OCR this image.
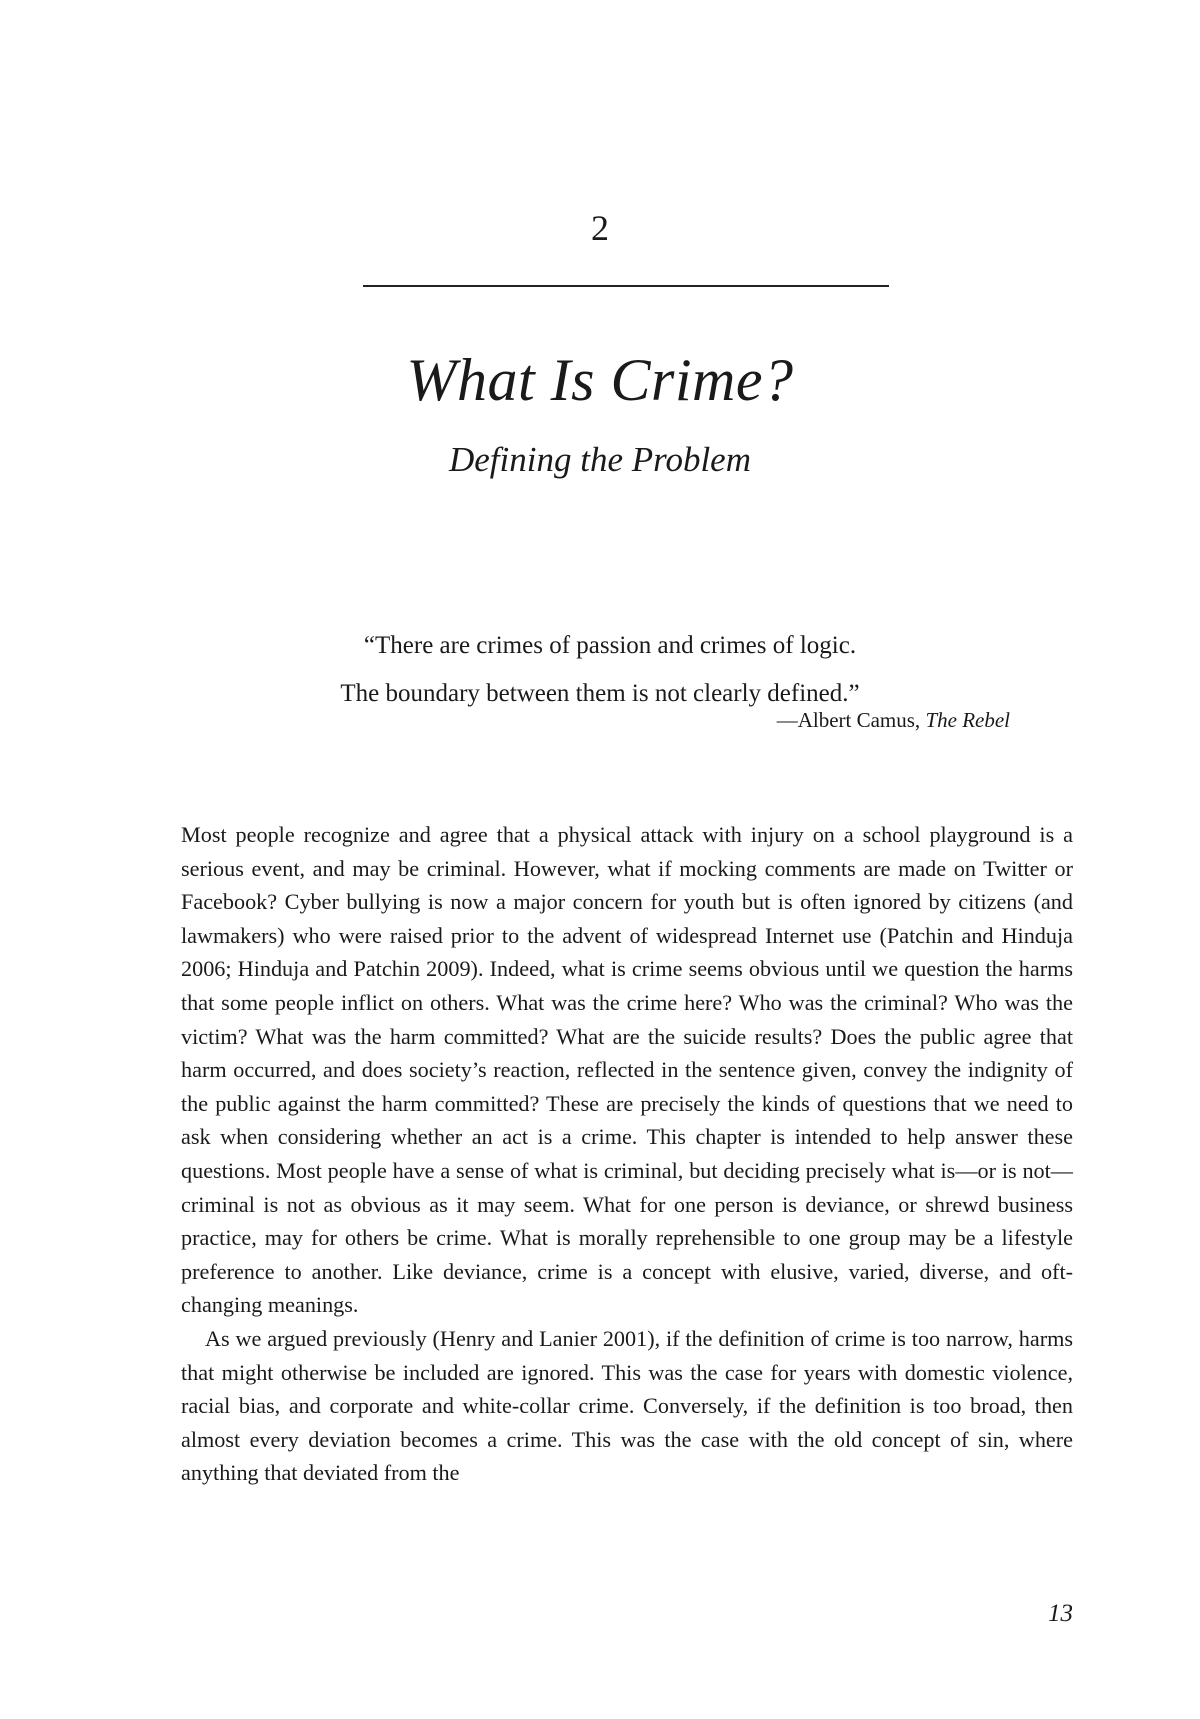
2
What Is Crime?
Defining the Problem
“There are crimes of passion and crimes of logic.
The boundary between them is not clearly defined.”
—Albert Camus, The Rebel

Most people recognize and agree that a physical attack with injury on a school playground is a serious event, and may be criminal. However, what if mocking comments are made on Twitter or Facebook? Cyber bullying is now a major concern for youth but is often ignored by citizens (and lawmakers) who were raised prior to the advent of widespread Internet use (Patchin and Hinduja 2006; Hinduja and Patchin 2009). Indeed, what is crime seems obvious until we question the harms that some people inflict on others. What was the crime here? Who was the criminal? Who was the victim? What was the harm committed? What are the suicide results? Does the public agree that harm occurred, and does society’s reaction, reflected in the sentence given, convey the indignity of the public against the harm committed? These are precisely the kinds of questions that we need to ask when considering whether an act is a crime. This chapter is intended to help answer these questions. Most people have a sense of what is criminal, but deciding precisely what is—or is not—criminal is not as obvious as it may seem. What for one person is deviance, or shrewd business practice, may for others be crime. What is morally reprehensible to one group may be a lifestyle preference to another. Like deviance, crime is a concept with elusive, varied, diverse, and oft-changing meanings.

As we argued previously (Henry and Lanier 2001), if the definition of crime is too narrow, harms that might otherwise be included are ignored. This was the case for years with domestic violence, racial bias, and corporate and white-collar crime. Conversely, if the definition is too broad, then almost every deviation becomes a crime. This was the case with the old concept of sin, where anything that deviated from the

13
